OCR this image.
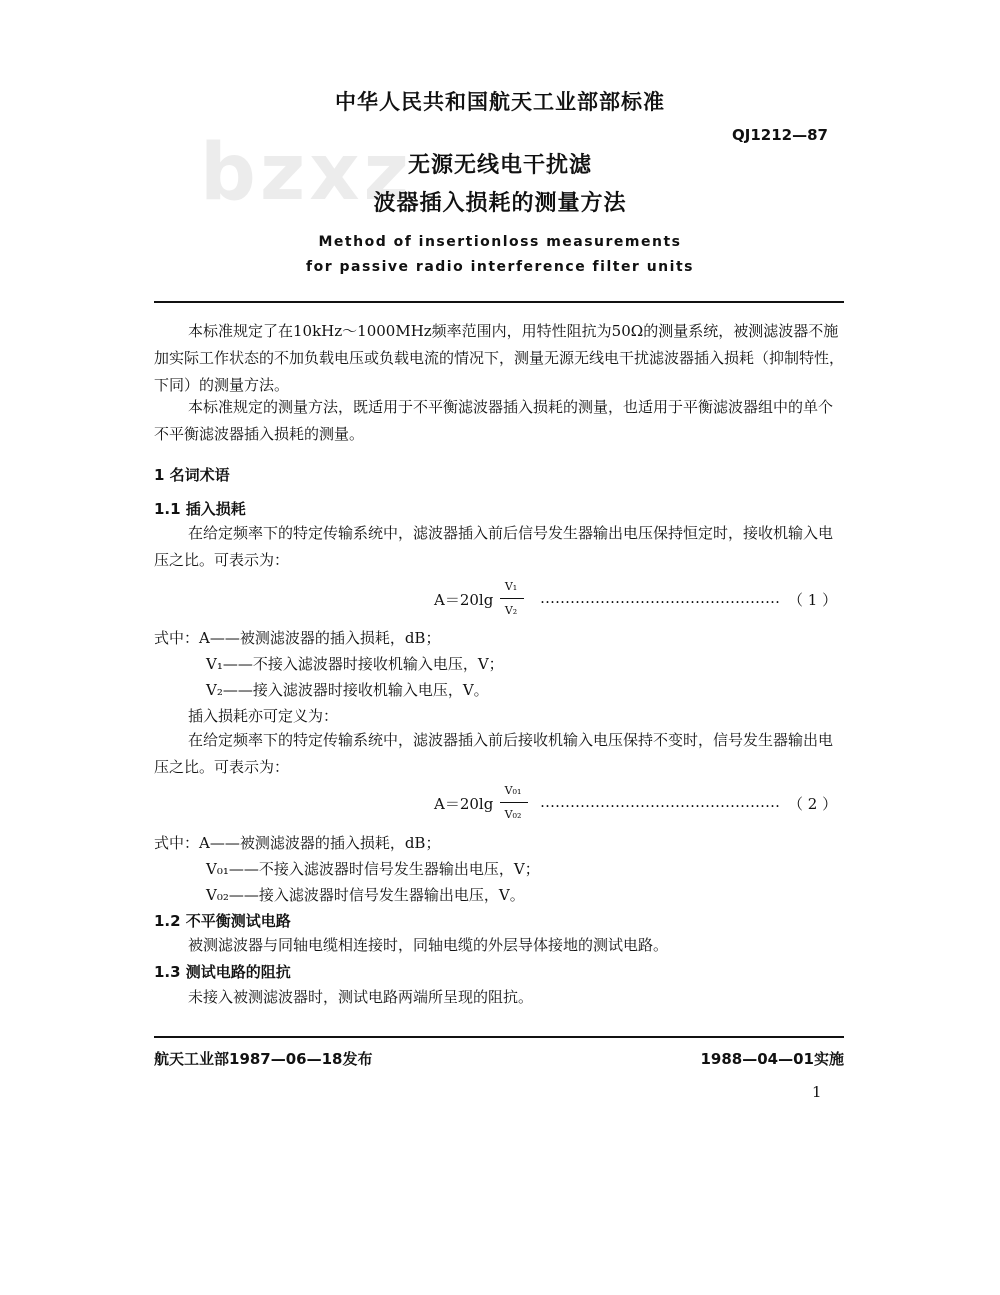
bzxz
中华人民共和国航天工业部部标准
QJ1212—87
无源无线电干扰滤
波器插入损耗的测量方法
Method of insertionloss measurements
for passive radio interference filter units
本标准规定了在10kHz～1000MHz频率范围内，用特性阻抗为50Ω的测量系统，被测滤波器不施加实际工作状态的不加负载电压或负载电流的情况下，测量无源无线电干扰滤波器插入损耗（抑制特性，下同）的测量方法。
本标准规定的测量方法，既适用于不平衡滤波器插入损耗的测量，也适用于平衡滤波器组中的单个不平衡滤波器插入损耗的测量。
1 名词术语
1.1 插入损耗
在给定频率下的特定传输系统中，滤波器插入前后信号发生器输出电压保持恒定时，接收机输入电压之比。可表示为：
A＝20lg
V₁
V₂
………………………………………… （ 1 ）
式中：A——被测滤波器的插入损耗，dB；
V₁——不接入滤波器时接收机输入电压，V；
V₂——接入滤波器时接收机输入电压，V。
插入损耗亦可定义为：
在给定频率下的特定传输系统中，滤波器插入前后接收机输入电压保持不变时，信号发生器输出电压之比。可表示为：
A＝20lg
V₀₁
V₀₂
………………………………………… （ 2 ）
式中：A——被测滤波器的插入损耗，dB；
V₀₁——不接入滤波器时信号发生器输出电压，V；
V₀₂——接入滤波器时信号发生器输出电压，V。
1.2 不平衡测试电路
被测滤波器与同轴电缆相连接时，同轴电缆的外层导体接地的测试电路。
1.3 测试电路的阻抗
未接入被测滤波器时，测试电路两端所呈现的阻抗。
航天工业部1987—06—18发布	1988—04—01实施
1
